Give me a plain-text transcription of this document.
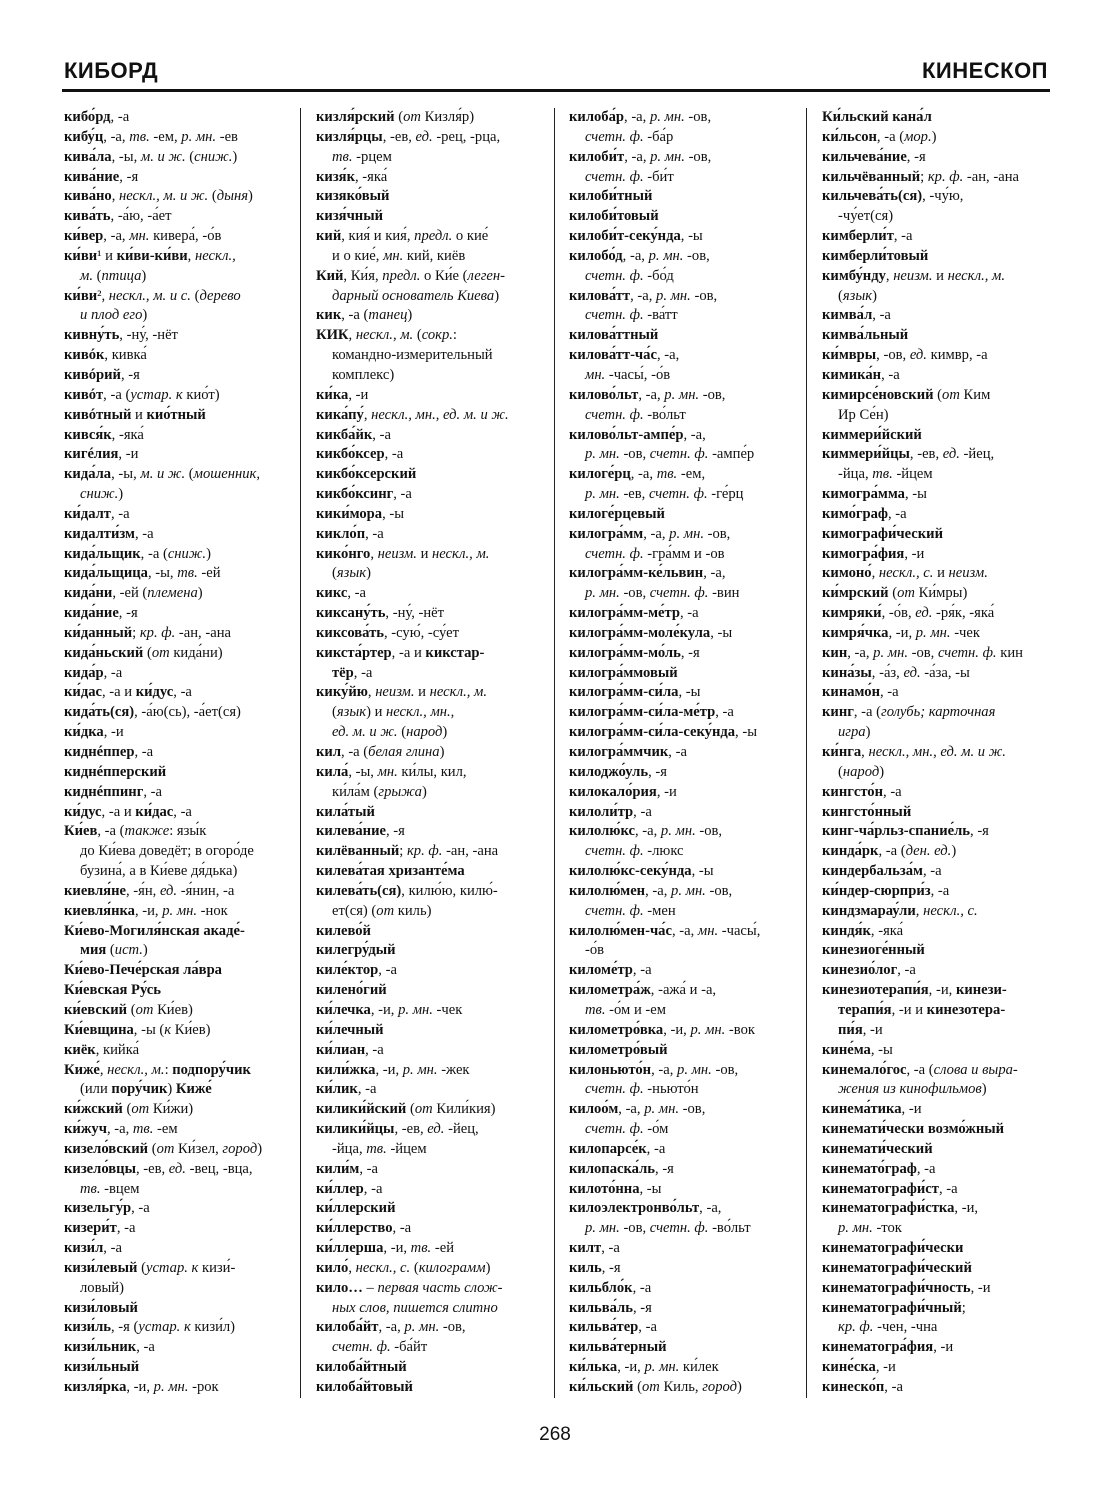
КИБОРД	КИНЕСКОП
кибо́рд, -а
кибу́ц, -а, тв. -ем, р. мн. -ев
кива́ла, -ы, м. и ж. (сниж.)
кива́ние, -я
кива́но, нескл., м. и ж. (дыня)
кива́ть, -а́ю, -а́ет
ки́вер, -а, мн. кивера́, -о́в
ки́ви¹ и ки́ви-ки́ви, нескл.,
м. (птица)
ки́ви², нескл., м. и с. (дерево
и плод его)
кивну́ть, -ну́, -нёт
кивóк, кивка́
кивóрий, -я
кивóт, -а (устар. к кио́т)
кивóтный и кио́тный
кився́к, -яка́
кигéлия, -и
кида́ла, -ы, м. и ж. (мошенник,
сниж.)
ки́далт, -а
кидалти́зм, -а
кида́льщик, -а (сниж.)
кида́льщица, -ы, тв. -ей
кида́ни, -ей (племена)
кида́ние, -я
ки́данный; кр. ф. -ан, -ана
кида́ньский (от кида́ни)
кида́р, -а
ки́дас, -а и ки́дус, -а
кида́ть(ся), -а́ю(сь), -а́ет(ся)
ки́дка, -и
киднéппер, -а
киднéпперский
киднéппинг, -а
ки́дус, -а и ки́дас, -а
Ки́ев, -а (также: язы́к
до Ки́ева доведёт; в огоро́де
бузина́, а в Ки́еве дя́дька)
киевля́не, -я́н, ед. -я́нин, -а
киевля́нка, -и, р. мн. -нок
Ки́ево-Могиля́нская акаде́-
мия (ист.)
Ки́ево-Пече́рская ла́вра
Ки́евская Ру́сь
ки́евский (от Ки́ев)
Ки́евщина, -ы (к Ки́ев)
киёк, кийка́
Киже́, нескл., м.: подпору́чик
(или пору́чик) Киже́
ки́жский (от Ки́жи)
ки́жуч, -а, тв. -ем
кизело́вский (от Ки́зел, город)
кизело́вцы, -ев, ед. -вец, -вца,
тв. -вцем
кизельгу́р, -а
кизери́т, -а
кизи́л, -а
кизи́левый (устар. к кизи́-
ловый)
кизи́ловый
кизи́ль, -я (устар. к кизи́л)
кизи́льник, -а
кизи́льный
кизля́рка, -и, р. мн. -рок
кизля́рский (от Кизля́р)
кизля́рцы, -ев, ед. -рец, -рца,
тв. -рцем
кизя́к, -яка́
кизяко́вый
кизя́чный
кий, кия́ и кия́, предл. о кие́
и о кие́, мн. кий, киёв
Кий, Ки́я, предл. о Ки́е (леген-
дарный основатель Киева)
кик, -а (танец)
КИК, нескл., м. (сокр.:
командно-измерительный
комплекс)
ки́ка, -и
кика́пу́, нескл., мн., ед. м. и ж.
кикба́йк, -а
кикбо́ксер, -а
кикбо́ксерский
кикбо́ксинг, -а
кики́мора, -ы
кикло́п, -а
кико́нго, неизм. и нескл., м.
(язык)
кикс, -а
киксану́ть, -ну́, -нёт
киксова́ть, -сую́, -су́ет
кикста́ртер, -а и кикстар-
тёр, -а
кику́йю, неизм. и нескл., м.
(язык) и нескл., мн.,
ед. м. и ж. (народ)
кил, -а (белая глина)
кила́, -ы, мн. ки́лы, кил,
ки́ла́м (грыжа)
кила́тый
килева́ние, -я
килёванный; кр. ф. -ан, -ана
килева́тая хризанте́ма
килева́ть(ся), килю́ю, килю́-
ет(ся) (от киль)
килево́й
килегру́дый
киле́ктор, -а
килено́гий
ки́лечка, -и, р. мн. -чек
ки́лечный
ки́лиан, -а
кили́жка, -и, р. мн. -жек
ки́лик, -а
килики́йский (от Кили́кия)
килики́йцы, -ев, ед. -йец,
-йца, тв. -йцем
кили́м, -а
ки́ллер, -а
ки́ллерский
ки́ллерство, -а
ки́ллерша, -и, тв. -ей
кило́, нескл., с. (килограмм)
кило… – первая часть слож-
ных слов, пишется слитно
килоба́йт, -а, р. мн. -ов,
счетн. ф. -ба́йт
килоба́йтный
килоба́йтовый
килоба́р, -а, р. мн. -ов,
счетн. ф. -ба́р
килоби́т, -а, р. мн. -ов,
счетн. ф. -би́т
килоби́тный
килоби́товый
килоби́т-секу́нда, -ы
килобо́д, -а, р. мн. -ов,
счетн. ф. -бо́д
килова́тт, -а, р. мн. -ов,
счетн. ф. -ва́тт
килова́ттный
килова́тт-ча́с, -а,
мн. -часы́, -о́в
килово́льт, -а, р. мн. -ов,
счетн. ф. -во́льт
килово́льт-ампе́р, -а,
р. мн. -ов, счетн. ф. -ампе́р
килоге́рц, -а, тв. -ем,
р. мн. -ев, счетн. ф. -ге́рц
килоге́рцевый
килогра́мм, -а, р. мн. -ов,
счетн. ф. -гра́мм и -ов
килогра́мм-ке́львин, -а,
р. мн. -ов, счетн. ф. -вин
килогра́мм-ме́тр, -а
килогра́мм-моле́кула, -ы
килогра́мм-мо́ль, -я
килогра́ммовый
килогра́мм-си́ла, -ы
килогра́мм-си́ла-ме́тр, -а
килогра́мм-си́ла-секу́нда, -ы
килогра́ммчик, -а
килоджо́уль, -я
килокало́рия, -и
килоли́тр, -а
килолю́кс, -а, р. мн. -ов,
счетн. ф. -люкс
килолю́кс-секу́нда, -ы
килолю́мен, -а, р. мн. -ов,
счетн. ф. -мен
килолю́мен-ча́с, -а, мн. -часы́,
-о́в
киломе́тр, -а
километра́ж, -ажа́ и -а,
тв. -о́м и -ем
километро́вка, -и, р. мн. -вок
километро́вый
килоньюто́н, -а, р. мн. -ов,
счетн. ф. -ньюто́н
килоо́м, -а, р. мн. -ов,
счетн. ф. -о́м
килопарсе́к, -а
килопаска́ль, -я
килото́нна, -ы
килоэлектронво́льт, -а,
р. мн. -ов, счетн. ф. -во́льт
килт, -а
киль, -я
кильбло́к, -а
кильва́ль, -я
кильва́тер, -а
кильва́терный
ки́лька, -и, р. мн. ки́лек
ки́льский (от Киль, город)
Ки́льский кана́л
ки́льсон, -а (мор.)
кильчева́ние, -я
кильчёванный; кр. ф. -ан, -ана
кильчева́ть(ся), -чу́ю,
-чу́ет(ся)
кимберли́т, -а
кимберли́товый
кимбу́нду, неизм. и нескл., м.
(язык)
кимва́л, -а
кимва́льный
ки́мвры, -ов, ед. кимвр, -а
кимика́н, -а
кимирсе́новский (от Ким
Ир Се́н)
киммери́йский
киммери́йцы, -ев, ед. -йец,
-йца, тв. -йцем
кимогра́мма, -ы
кимо́граф, -а
кимографи́ческий
кимогра́фия, -и
кимоно́, нескл., с. и неизм.
ки́мрский (от Ки́мры)
кимряки́, -о́в, ед. -ря́к, -яка́
кимря́чка, -и, р. мн. -чек
кин, -а, р. мн. -ов, счетн. ф. кин
кина́зы, -а́з, ед. -а́за, -ы
кинамо́н, -а
кинг, -а (голубь; карточная
игра)
ки́нга, нескл., мн., ед. м. и ж.
(народ)
кингсто́н, -а
кингсто́нный
кинг-ча́рльз-спание́ль, -я
кинда́рк, -а (ден. ед.)
киндербальза́м, -а
ки́ндер-сюрпри́з, -а
киндзмарау́ли, нескл., с.
киндя́к, -яка́
кинезиоге́нный
кинезио́лог, -а
кинезиотерапи́я, -и, кинези-
терапи́я, -и и кинезотера-
пи́я, -и
кине́ма, -ы
кинемало́гос, -а (слова и выра-
жения из кинофильмов)
кинема́тика, -и
кинемати́чески возмо́жный
кинемати́ческий
кинемато́граф, -а
кинематографи́ст, -а
кинематографи́стка, -и,
р. мн. -ток
кинематографи́чески
кинематографи́ческий
кинематографи́чность, -и
кинематографи́чный;
кр. ф. -чен, -чна
кинематогра́фия, -и
кине́ска, -и
кинеско́п, -а
268
